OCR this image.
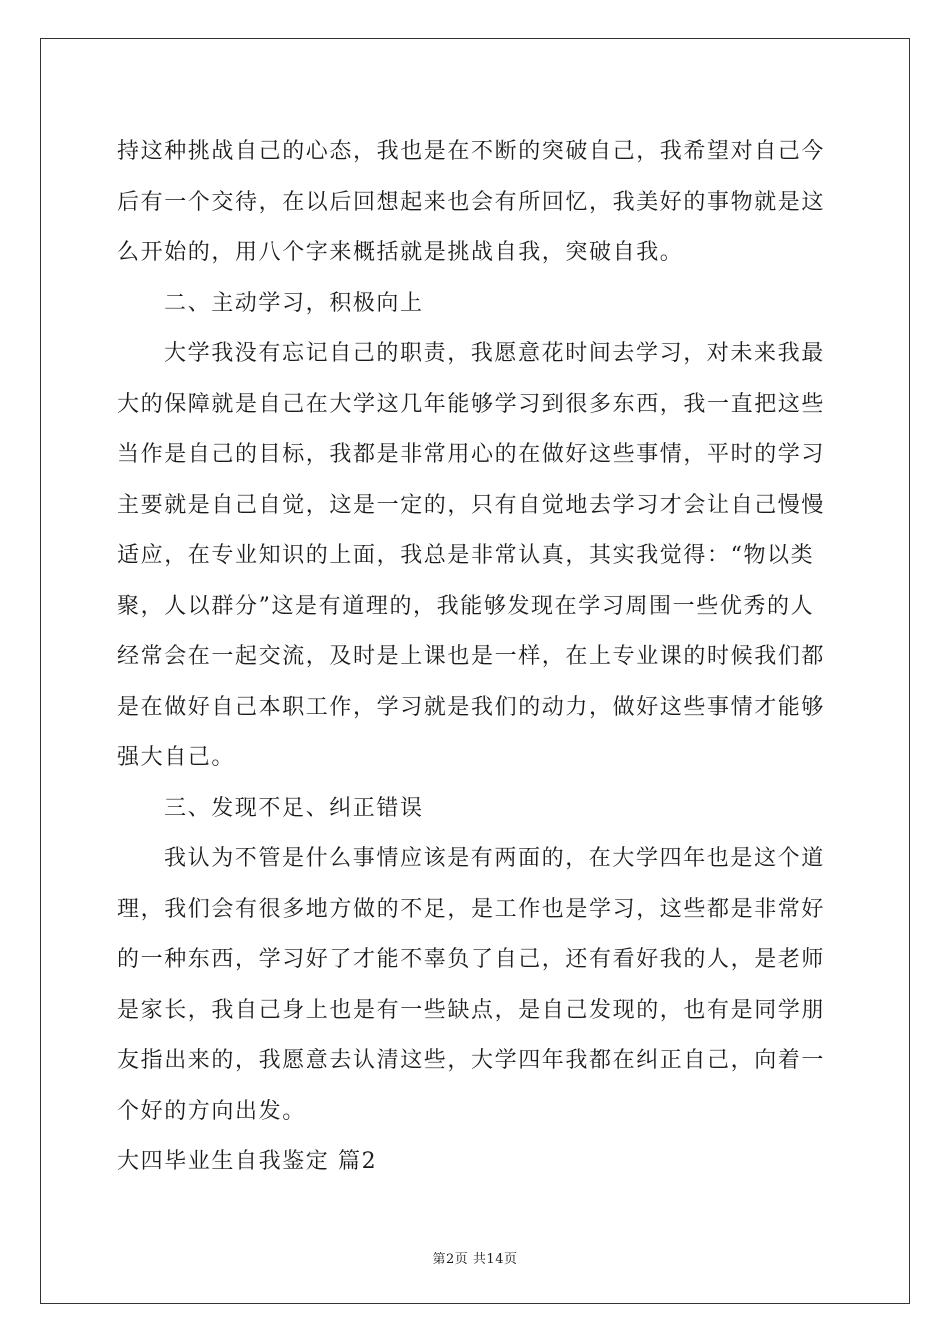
持这种挑战自己的心态，我也是在不断的突破自己，我希望对自己今
后有一个交待，在以后回想起来也会有所回忆，我美好的事物就是这
么开始的，用八个字来概括就是挑战自我，突破自我。
二、主动学习，积极向上
大学我没有忘记自己的职责，我愿意花时间去学习，对未来我最
大的保障就是自己在大学这几年能够学习到很多东西，我一直把这些
当作是自己的目标，我都是非常用心的在做好这些事情，平时的学习
主要就是自己自觉，这是一定的，只有自觉地去学习才会让自己慢慢
适应，在专业知识的上面，我总是非常认真，其实我觉得：“物以类
聚，人以群分”这是有道理的，我能够发现在学习周围一些优秀的人
经常会在一起交流，及时是上课也是一样，在上专业课的时候我们都
是在做好自己本职工作，学习就是我们的动力，做好这些事情才能够
强大自己。
三、发现不足、纠正错误
我认为不管是什么事情应该是有两面的，在大学四年也是这个道
理，我们会有很多地方做的不足，是工作也是学习，这些都是非常好
的一种东西，学习好了才能不辜负了自己，还有看好我的人，是老师
是家长，我自己身上也是有一些缺点，是自己发现的，也有是同学朋
友指出来的，我愿意去认清这些，大学四年我都在纠正自己，向着一
个好的方向出发。
大四毕业生自我鉴定 篇2
第2页 共14页
